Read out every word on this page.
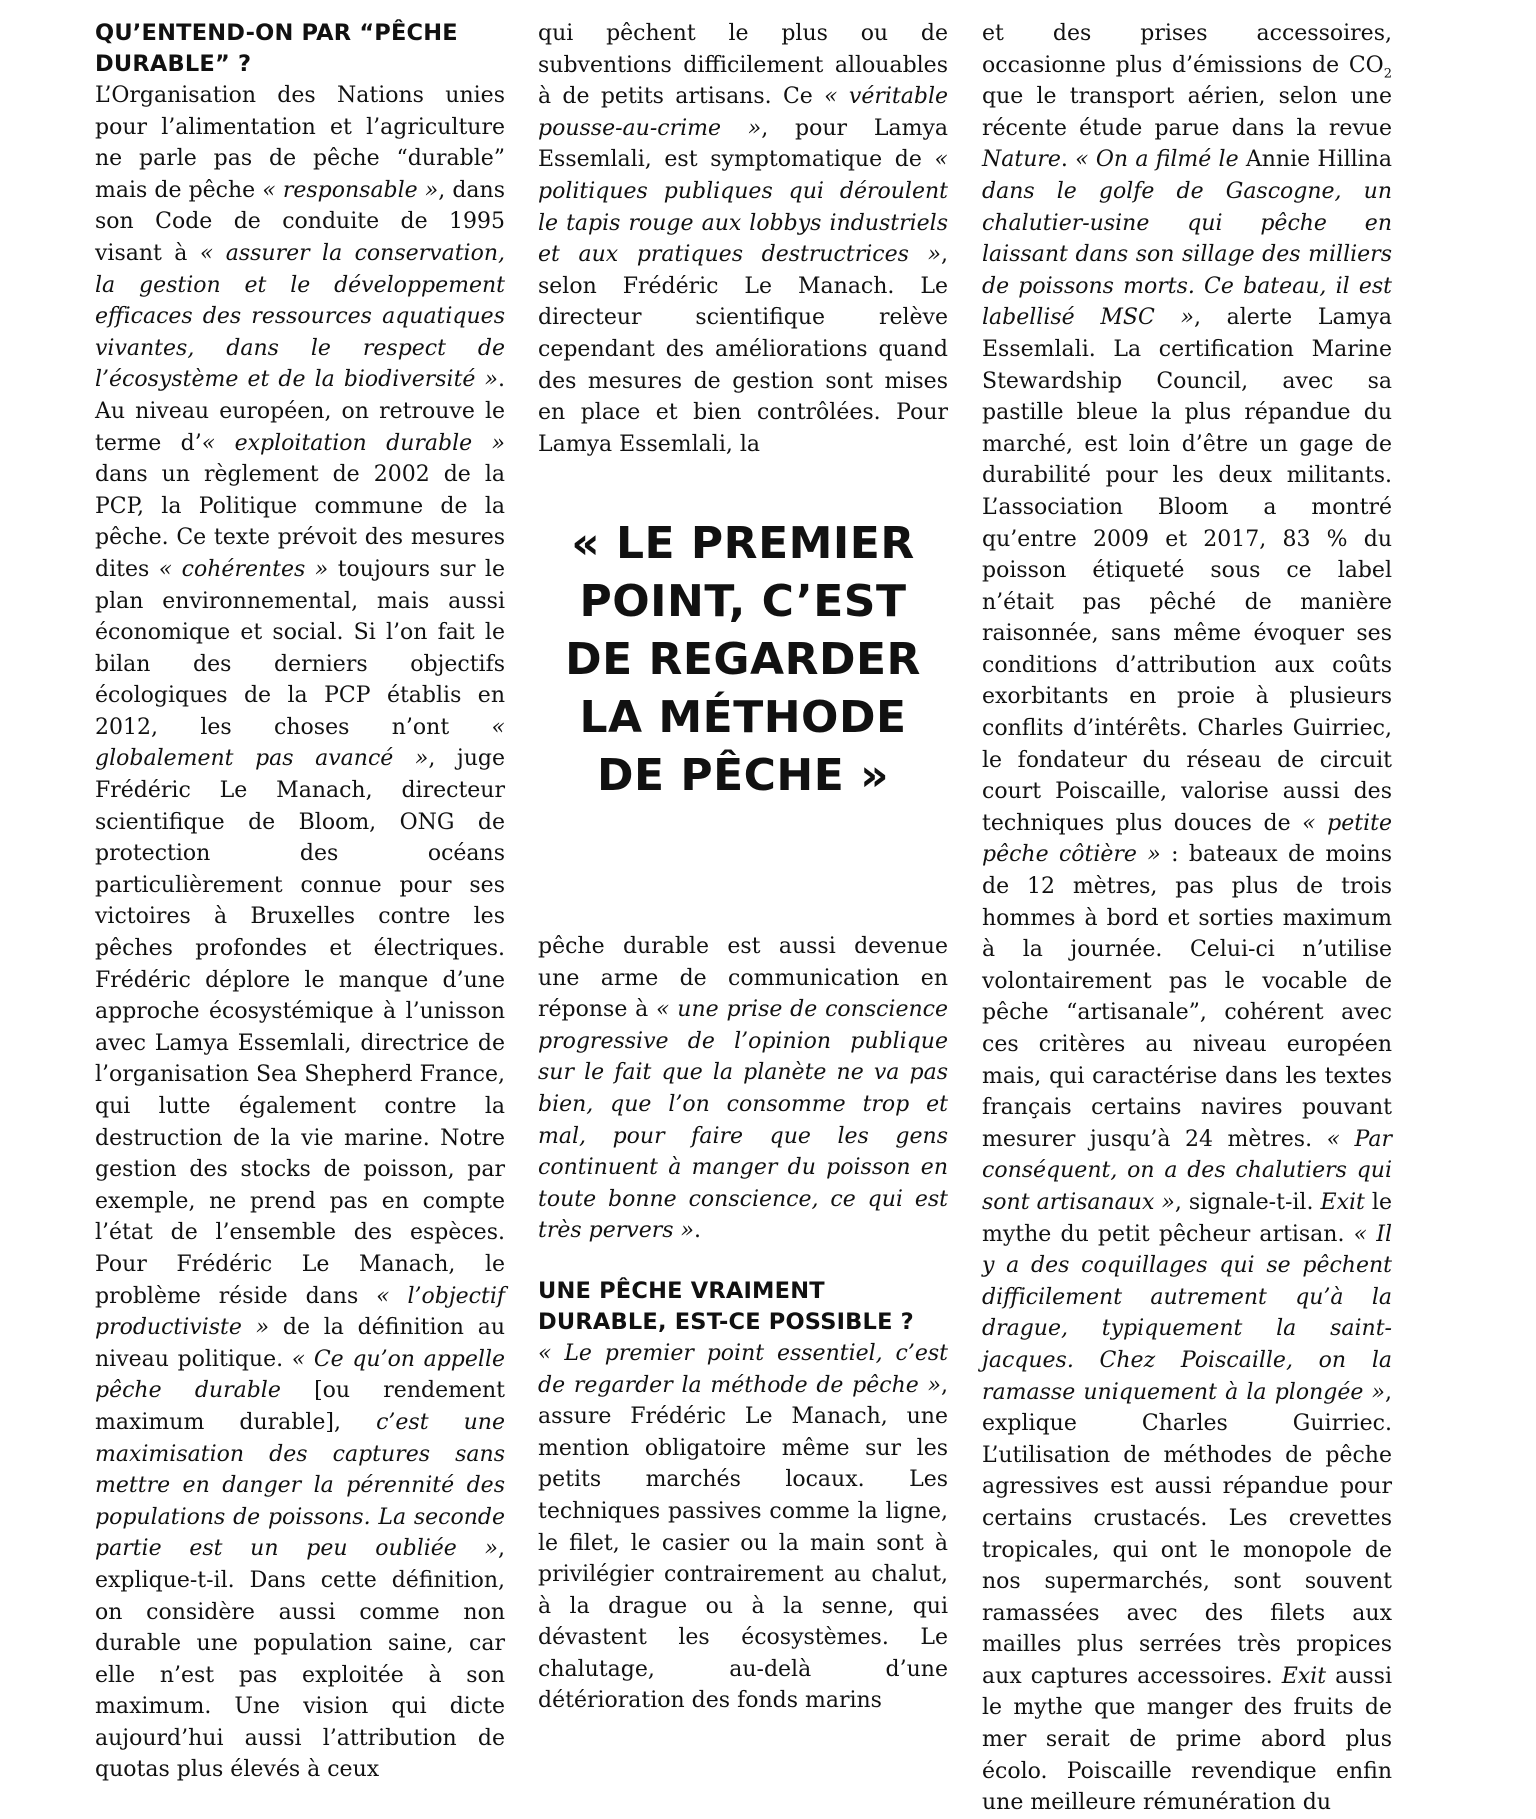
QU’ENTEND-ON PAR “PÊCHE DURABLE” ?

L’Organisation des Nations unies pour l’alimentation et l’agriculture ne parle pas de pêche “durable” mais de pêche « responsable », dans son Code de conduite de 1995 visant à « assurer la conservation, la gestion et le développement efficaces des ressources aquatiques vivantes, dans le respect de l’écosystème et de la biodiversité ». Au niveau européen, on retrouve le terme d’« exploitation durable » dans un règlement de 2002 de la PCP, la Politique commune de la pêche. Ce texte prévoit des mesures dites « cohérentes » toujours sur le plan environnemental, mais aussi économique et social. Si l’on fait le bilan des derniers objectifs écologiques de la PCP établis en 2012, les choses n’ont « globalement pas avancé », juge Frédéric Le Manach, directeur scientifique de Bloom, ONG de protection des océans particulièrement connue pour ses victoires à Bruxelles contre les pêches profondes et électriques. Frédéric déplore le manque d’une approche écosystémique à l’unisson avec Lamya Essemlali, directrice de l’organisation Sea Shepherd France, qui lutte également contre la destruction de la vie marine. Notre gestion des stocks de poisson, par exemple, ne prend pas en compte l’état de l’ensemble des espèces. Pour Frédéric Le Manach, le problème réside dans « l’objectif productiviste » de la définition au niveau politique. « Ce qu’on appelle pêche durable [ou rendement maximum durable], c’est une maximisation des captures sans mettre en danger la pérennité des populations de poissons. La seconde partie est un peu oubliée », explique-t-il. Dans cette définition, on considère aussi comme non durable une population saine, car elle n’est pas exploitée à son maximum. Une vision qui dicte aujourd’hui aussi l’attribution de quotas plus élevés à ceux

qui pêchent le plus ou de subventions difficilement allouables à de petits artisans. Ce « véritable pousse-au-crime », pour Lamya Essemlali, est symptomatique de « politiques publiques qui déroulent le tapis rouge aux lobbys industriels et aux pratiques destructrices », selon Frédéric Le Manach. Le directeur scientifique relève cependant des améliorations quand des mesures de gestion sont mises en place et bien contrôlées. Pour Lamya Essemlali, la

« LE PREMIER POINT, C’EST DE REGARDER LA MÉTHODE DE PÊCHE »

pêche durable est aussi devenue une arme de communication en réponse à « une prise de conscience progressive de l’opinion publique sur le fait que la planète ne va pas bien, que l’on consomme trop et mal, pour faire que les gens continuent à manger du poisson en toute bonne conscience, ce qui est très pervers ».

UNE PÊCHE VRAIMENT DURABLE, EST-CE POSSIBLE ?

« Le premier point essentiel, c’est de regarder la méthode de pêche », assure Frédéric Le Manach, une mention obligatoire même sur les petits marchés locaux. Les techniques passives comme la ligne, le filet, le casier ou la main sont à privilégier contrairement au chalut, à la drague ou à la senne, qui dévastent les écosystèmes. Le chalutage, au-delà d’une détérioration des fonds marins

et des prises accessoires, occasionne plus d’émissions de $CO_2$ que le transport aérien, selon une récente étude parue dans la revue Nature. « On a filmé le Annie Hillina dans le golfe de Gascogne, un chalutier-usine qui pêche en laissant dans son sillage des milliers de poissons morts. Ce bateau, il est labellisé MSC », alerte Lamya Essemlali. La certification Marine Stewardship Council, avec sa pastille bleue la plus répandue du marché, est loin d’être un gage de durabilité pour les deux militants. L’association Bloom a montré qu’entre 2009 et 2017, 83 % du poisson étiqueté sous ce label n’était pas pêché de manière raisonnée, sans même évoquer ses conditions d’attribution aux coûts exorbitants en proie à plusieurs conflits d’intérêts. Charles Guirriec, le fondateur du réseau de circuit court Poiscaille, valorise aussi des techniques plus douces de « petite pêche côtière » : bateaux de moins de 12 mètres, pas plus de trois hommes à bord et sorties maximum à la journée. Celui-ci n’utilise volontairement pas le vocable de pêche “artisanale”, cohérent avec ces critères au niveau européen mais, qui caractérise dans les textes français certains navires pouvant mesurer jusqu’à 24 mètres. « Par conséquent, on a des chalutiers qui sont artisanaux », signale-t-il. Exit le mythe du petit pêcheur artisan. « Il y a des coquillages qui se pêchent difficilement autrement qu’à la drague, typiquement la saint-jacques. Chez Poiscaille, on la ramasse uniquement à la plongée », explique Charles Guirriec. L’utilisation de méthodes de pêche agressives est aussi répandue pour certains crustacés. Les crevettes tropicales, qui ont le monopole de nos supermarchés, sont souvent ramassées avec des filets aux mailles plus serrées très propices aux captures accessoires. Exit aussi le mythe que manger des fruits de mer serait de prime abord plus écolo. Poiscaille revendique enfin une meilleure rémunération du
